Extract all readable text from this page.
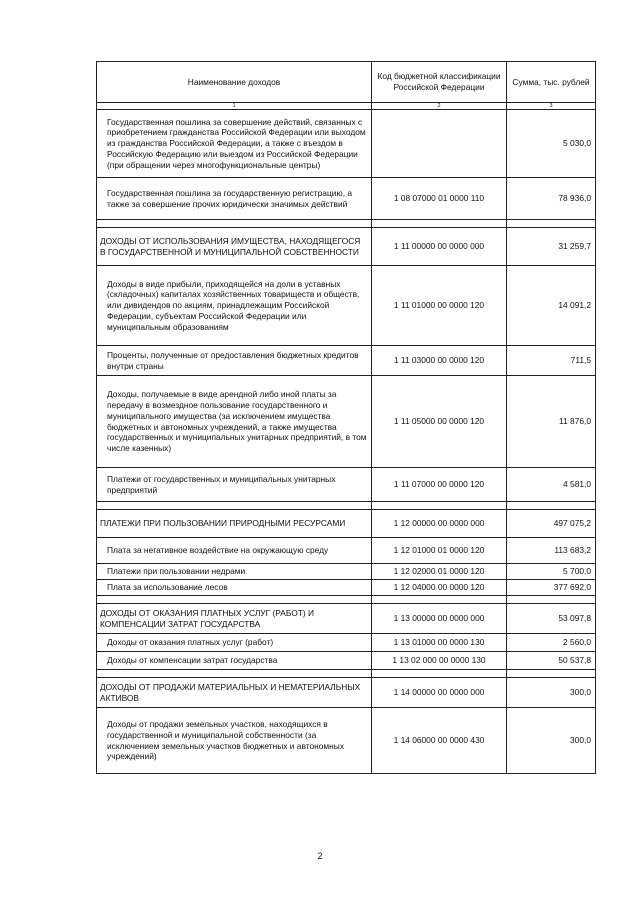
Наименование доходов	Код бюджетной классификации Российской Федерации	Сумма, тыс. рублей
1	2	3
Государственная пошлина за совершение действий, связанных с приобретением гражданства Российской Федерации или выходом из гражданства Российской Федерации, а также с въездом в Российскую Федерацию или выездом из Российской Федерации (при обращении через многофункциональные центры)		5 030,0
Государственная пошлина за государственную регистрацию, а также за совершение прочих юридически значимых действий	1 08 07000 01 0000 110	78 936,0

ДОХОДЫ ОТ ИСПОЛЬЗОВАНИЯ ИМУЩЕСТВА, НАХОДЯЩЕГОСЯ В ГОСУДАРСТВЕННОЙ И МУНИЦИПАЛЬНОЙ СОБСТВЕННОСТИ	1 11 00000 00 0000 000	31 259,7
Доходы в виде прибыли, приходящейся на доли в уставных (складочных) капиталах хозяйственных товариществ и обществ, или дивидендов по акциям, принадлежащим Российской Федерации, субъектам Российской Федерации или муниципальным образованиям	1 11 01000 00 0000 120	14 091,2
Проценты, полученные от предоставления бюджетных кредитов внутри страны	1 11 03000 00 0000 120	711,5
Доходы, получаемые в виде арендной либо иной платы за передачу в возмездное пользование государственного и муниципального имущества (за исключением имущества бюджетных и автономных учреждений, а также имущества государственных и муниципальных унитарных предприятий, в том числе казенных)	1 11 05000 00 0000 120	11 876,0
Платежи от государственных и муниципальных унитарных предприятий	1 11 07000 00 0000 120	4 581,0

ПЛАТЕЖИ ПРИ ПОЛЬЗОВАНИИ ПРИРОДНЫМИ РЕСУРСАМИ	1 12 00000 00 0000 000	497 075,2
Плата за негативное воздействие на окружающую среду	1 12 01000 01 0000 120	113 683,2
Платежи при пользовании недрами	1 12 02000 01 0000 120	5 700,0
Плата за использование лесов	1 12 04000 00 0000 120	377 692,0

ДОХОДЫ ОТ ОКАЗАНИЯ ПЛАТНЫХ УСЛУГ (РАБОТ) И КОМПЕНСАЦИИ ЗАТРАТ ГОСУДАРСТВА	1 13 00000 00 0000 000	53 097,8
Доходы от оказания платных услуг (работ)	1 13 01000 00 0000 130	2 560,0
Доходы от компенсации затрат государства	1 13 02 000 00 0000 130	50 537,8

ДОХОДЫ ОТ ПРОДАЖИ МАТЕРИАЛЬНЫХ И НЕМАТЕРИАЛЬНЫХ АКТИВОВ	1 14 00000 00 0000 000	300,0
Доходы от продажи земельных участков, находящихся в государственной и муниципальной собственности (за исключением земельных участков бюджетных и автономных учреждений)	1 14 06000 00 0000 430	300,0
2
